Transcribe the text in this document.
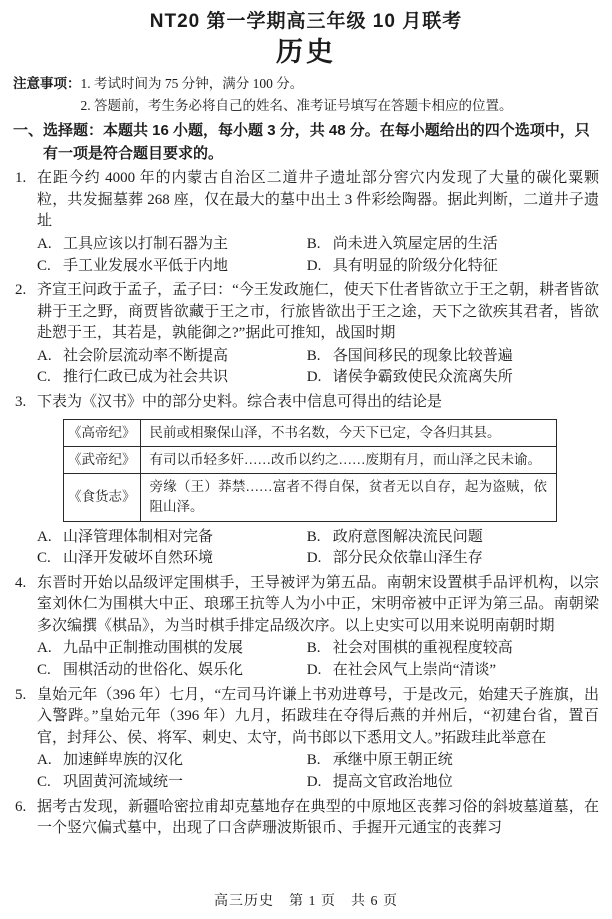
NT20 第一学期高三年级 10 月联考
历史
注意事项： 1. 考试时间为 75 分钟，满分 100 分。
2. 答题前，考生务必将自己的姓名、准考证号填写在答题卡相应的位置。
一、 选择题：本题共 16 小题，每小题 3 分，共 48 分。在每小题给出的四个选项中，只有一项是符合题目要求的。
1. 在距今约 4000 年的内蒙古自治区二道井子遗址部分窖穴内发现了大量的碳化粟颗粒，共发掘墓葬 268 座，仅在最大的墓中出土 3 件彩绘陶器。据此判断，二道井子遗址
A. 工具应该以打制石器为主	B. 尚未进入筑屋定居的生活
C. 手工业发展水平低于内地	D. 具有明显的阶级分化特征
2. 齐宣王问政于孟子，孟子曰：“今王发政施仁，使天下仕者皆欲立于王之朝，耕者皆欲耕于王之野，商贾皆欲藏于王之市，行旅皆欲出于王之途，天下之欲疾其君者，皆欲赴愬于王，其若是，孰能御之?”据此可推知，战国时期
A. 社会阶层流动率不断提高	B. 各国间移民的现象比较普遍
C. 推行仁政已成为社会共识	D. 诸侯争霸致使民众流离失所
3. 下表为《汉书》中的部分史料。综合表中信息可得出的结论是
《高帝纪》	民前或相聚保山泽，不书名数，今天下已定，令各归其县。
《武帝纪》	有司以币轻多奸……改币以约之……废期有月，而山泽之民未谕。
《食货志》	旁缘（王）莽禁……富者不得自保，贫者无以自存，起为盗贼，依阻山泽。
A. 山泽管理体制相对完备	B. 政府意图解决流民问题
C. 山泽开发破坏自然环境	D. 部分民众依靠山泽生存
4. 东晋时开始以品级评定围棋手，王导被评为第五品。南朝宋设置棋手品评机构，以宗室刘休仁为围棋大中正、琅琊王抗等人为小中正，宋明帝被中正评为第三品。南朝梁多次编撰《棋品》，为当时棋手排定品级次序。以上史实可以用来说明南朝时期
A. 九品中正制推动围棋的发展	B. 社会对围棋的重视程度较高
C. 围棋活动的世俗化、娱乐化	D. 在社会风气上崇尚“清谈”
5. 皇始元年（396 年）七月，“左司马许谦上书劝进尊号，于是改元，始建天子旌旗，出入警跸。”皇始元年（396 年）九月，拓跋珪在夺得后燕的并州后，“初建台省，置百官，封拜公、侯、将军、刺史、太守，尚书郎以下悉用文人。”拓跋珪此举意在
A. 加速鲜卑族的汉化	B. 承继中原王朝正统
C. 巩固黄河流域统一	D. 提高文官政治地位
6. 据考古发现，新疆哈密拉甫却克墓地存在典型的中原地区丧葬习俗的斜坡墓道墓，在一个竖穴偏式墓中，出现了口含萨珊波斯银币、手握开元通宝的丧葬习
高三历史　第 1 页　共 6 页
